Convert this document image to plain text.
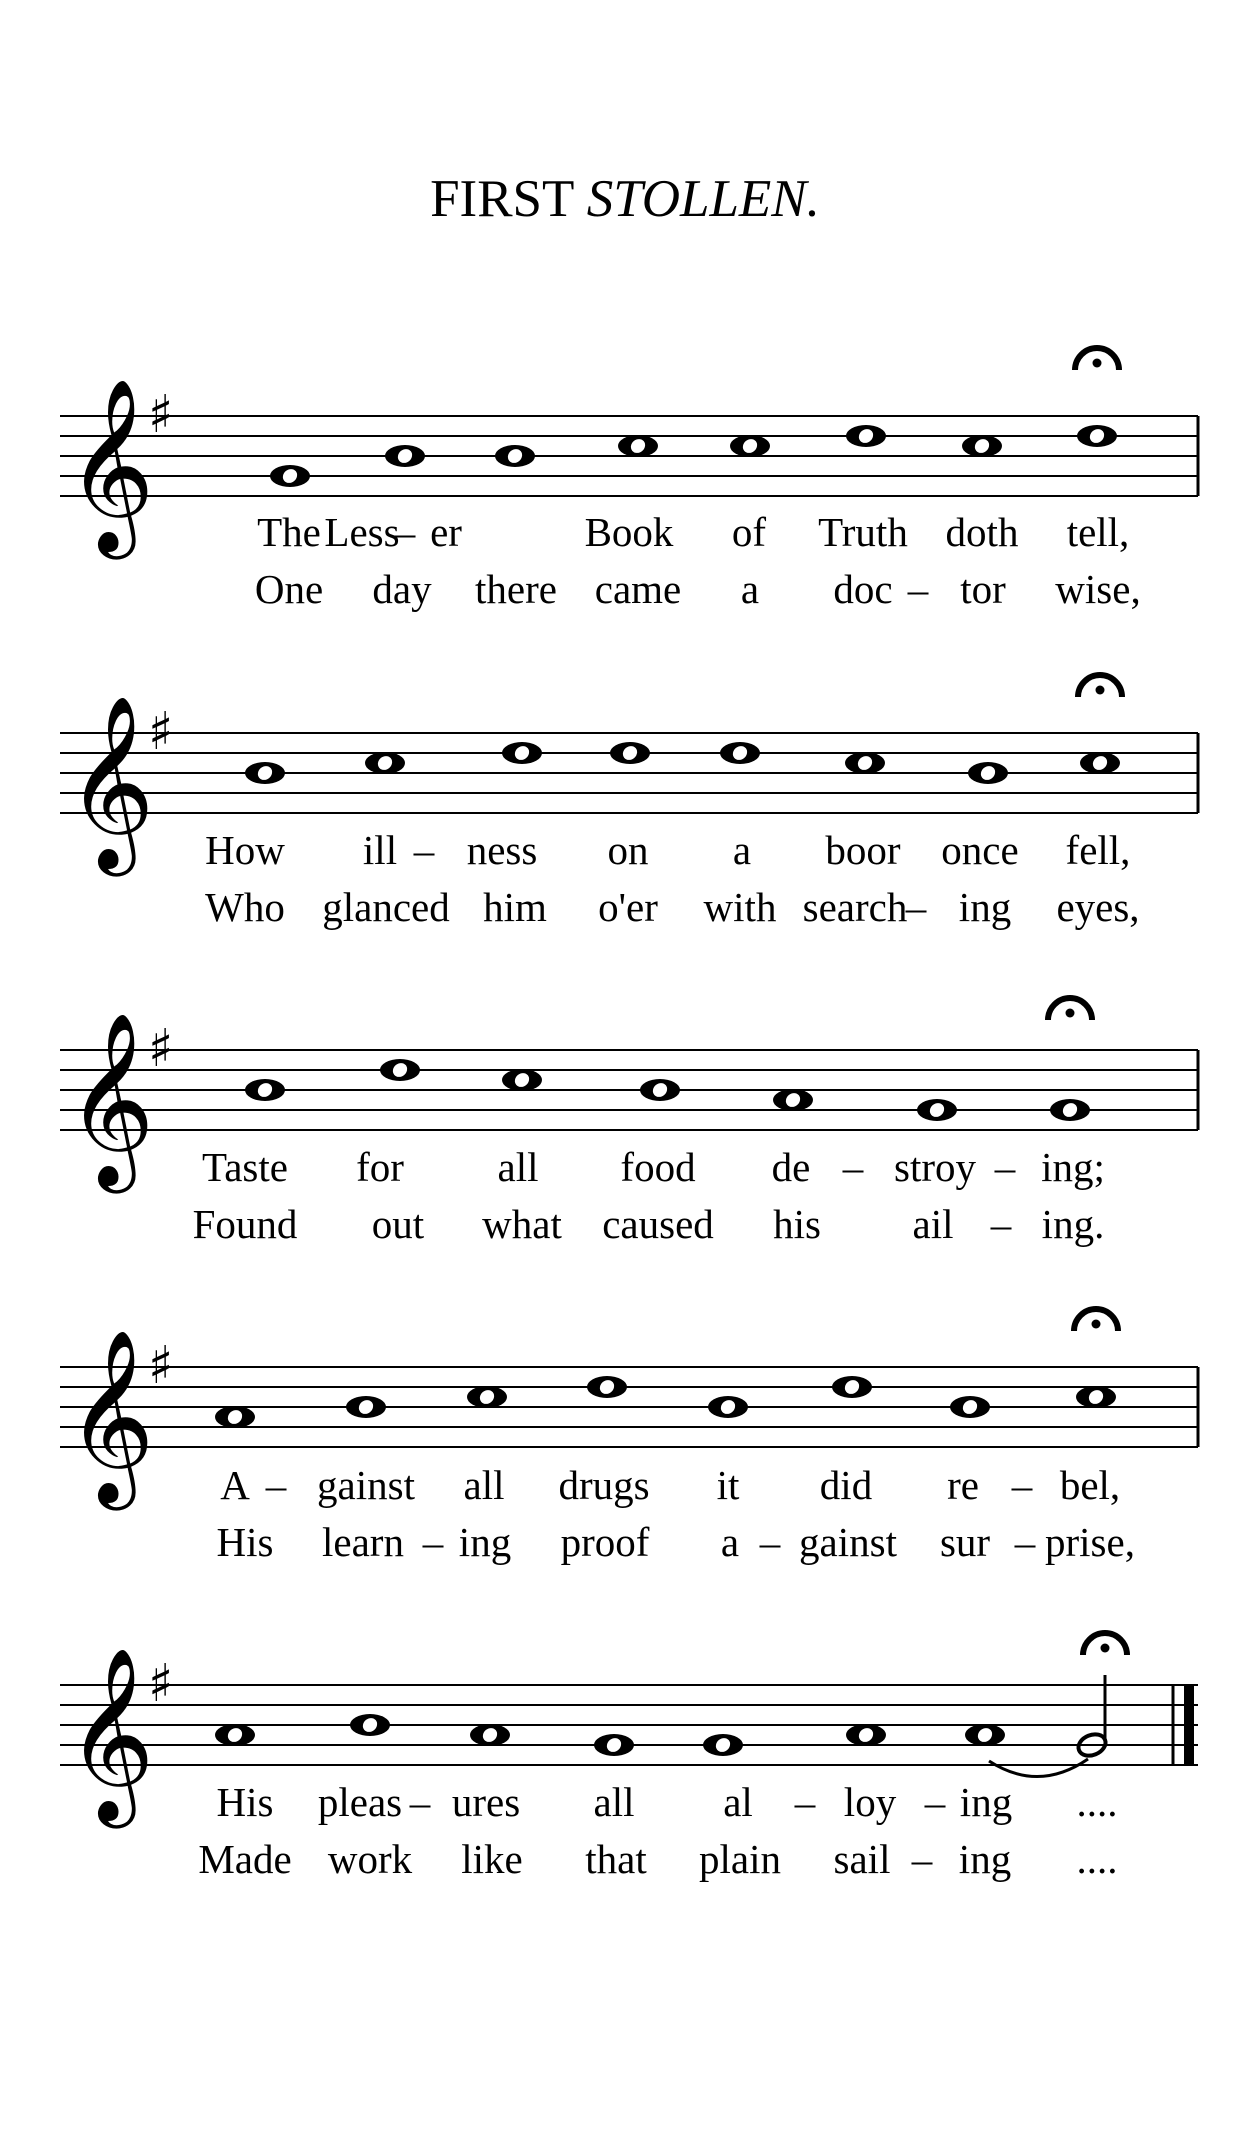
FIRST STOLLEN.
𝄞
♯
The Less
– er	Book of Truth doth tell,
One day there came a doc – tor wise,
𝄞
♯
How ill – ness on a boor once fell,
Who glanced him o'er with search
– ing eyes,
𝄞
♯
Taste for all food de – stroy – ing;
Found out what caused his ail – ing.
𝄞
♯
A – gainst all drugs it did re – bel,
His learn – ing proof a – gainst sur – prise,
𝄞
♯
His pleas – ures all al – loy – ing ....
Made work like that plain sail – ing ....
